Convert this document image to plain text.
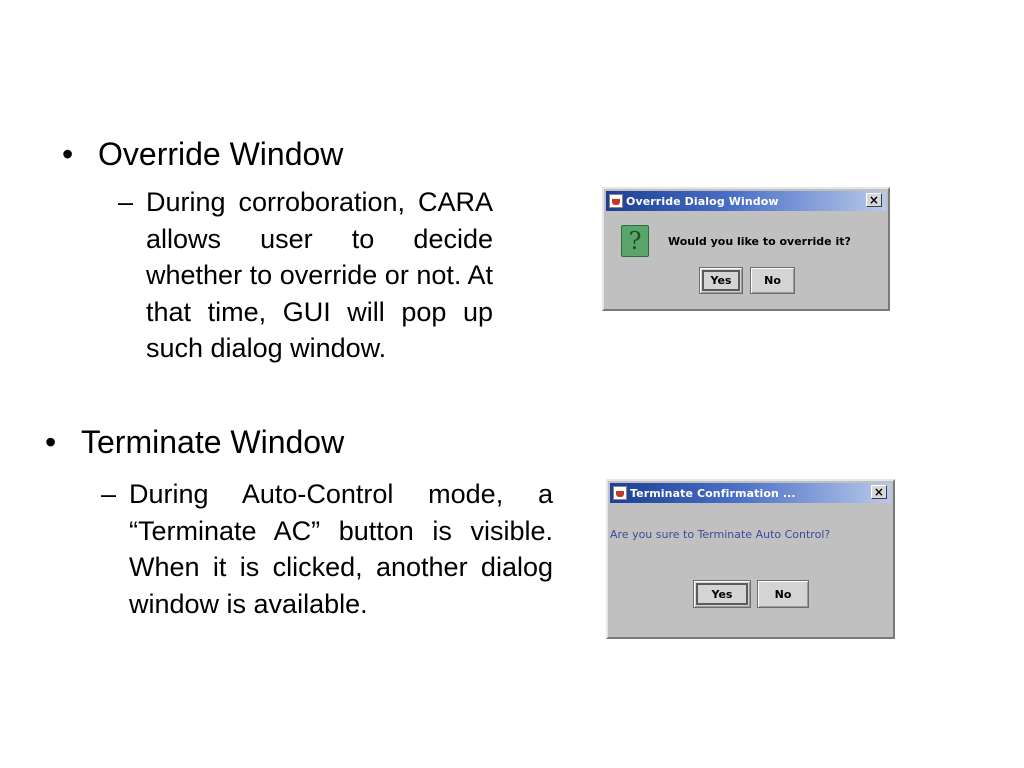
• Override Window
– During corroboration, CARA allows user to decide whether to override or not. At that time, GUI will pop up such dialog window.
• Terminate Window
– During Auto-Control mode, a “Terminate AC” button is visible. When it is clicked, another dialog window is available.
Override Dialog Window	×
?	Would you like to override it?
Yes	No
Terminate Confirmation ...	×
Are you sure to Terminate Auto Control?
Yes	No
